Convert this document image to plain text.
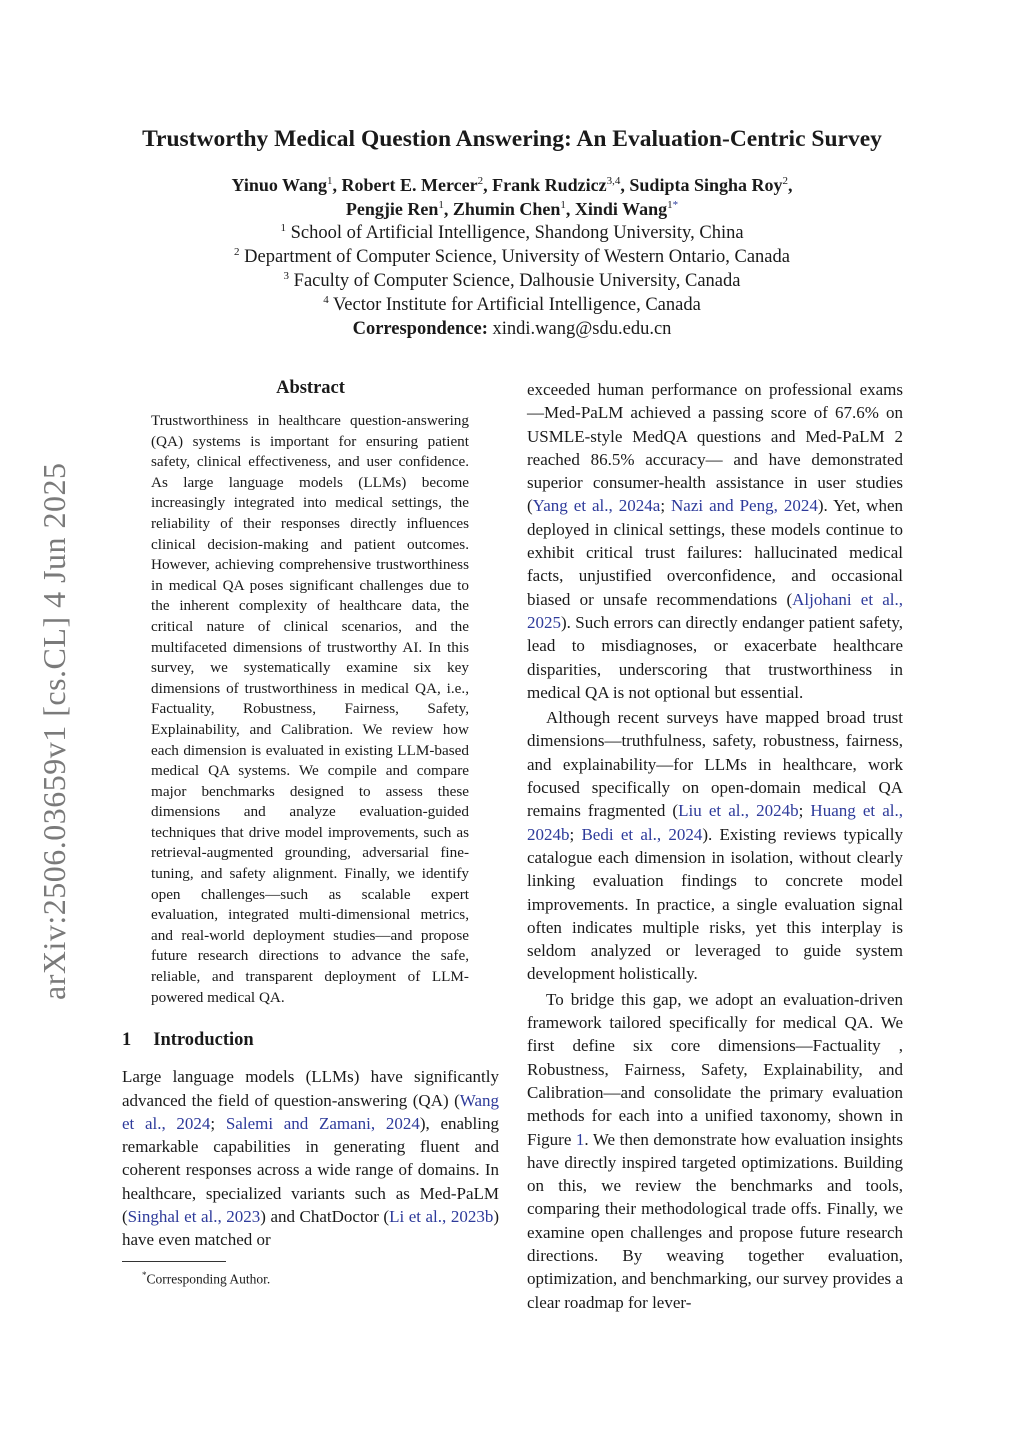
arXiv:2506.03659v1 [cs.CL] 4 Jun 2025
Trustworthy Medical Question Answering: An Evaluation-Centric Survey
Yinuo Wang$^1$, Robert E. Mercer$^2$, Frank Rudzicz$^{3,4}$, Sudipta Singha Roy$^2$,
Pengjie Ren$^1$, Zhumin Chen$^1$, Xindi Wang$^{1*}$
$^1$ School of Artificial Intelligence, Shandong University, China
$^2$ Department of Computer Science, University of Western Ontario, Canada
$^3$ Faculty of Computer Science, Dalhousie University, Canada
$^4$ Vector Institute for Artificial Intelligence, Canada
Correspondence: xindi.wang@sdu.edu.cn
Abstract

Trustworthiness in healthcare question-answering (QA) systems is important for ensuring patient safety, clinical effectiveness, and user confidence. As large language models (LLMs) become increasingly integrated into medical settings, the reliability of their responses directly influences clinical decision-making and patient outcomes. However, achieving comprehensive trustworthiness in medical QA poses significant challenges due to the inherent complexity of healthcare data, the critical nature of clinical scenarios, and the multifaceted dimensions of trustworthy AI. In this survey, we systematically examine six key dimensions of trustworthiness in medical QA, i.e., Factuality, Robustness, Fairness, Safety, Explainability, and Calibration. We review how each dimension is evaluated in existing LLM-based medical QA systems. We compile and compare major benchmarks designed to assess these dimensions and analyze evaluation-guided techniques that drive model improvements, such as retrieval-augmented grounding, adversarial fine-tuning, and safety alignment. Finally, we identify open challenges—such as scalable expert evaluation, integrated multi-dimensional metrics, and real-world deployment studies—and propose future research directions to advance the safe, reliable, and transparent deployment of LLM-powered medical QA.

1 Introduction

Large language models (LLMs) have significantly advanced the field of question-answering (QA) (Wang et al., 2024; Salemi and Zamani, 2024), enabling remarkable capabilities in generating fluent and coherent responses across a wide range of domains. In healthcare, specialized variants such as Med-PaLM (Singhal et al., 2023) and ChatDoctor (Li et al., 2023b) have even matched or

*Corresponding Author.

exceeded human performance on professional exams —Med-PaLM achieved a passing score of 67.6% on USMLE-style MedQA questions and Med-PaLM 2 reached 86.5% accuracy— and have demonstrated superior consumer-health assistance in user studies (Yang et al., 2024a; Nazi and Peng, 2024). Yet, when deployed in clinical settings, these models continue to exhibit critical trust failures: hallucinated medical facts, unjustified overconfidence, and occasional biased or unsafe recommendations (Aljohani et al., 2025). Such errors can directly endanger patient safety, lead to misdiagnoses, or exacerbate healthcare disparities, underscoring that trustworthiness in medical QA is not optional but essential.

Although recent surveys have mapped broad trust dimensions—truthfulness, safety, robustness, fairness, and explainability—for LLMs in healthcare, work focused specifically on open-domain medical QA remains fragmented (Liu et al., 2024b; Huang et al., 2024b; Bedi et al., 2024). Existing reviews typically catalogue each dimension in isolation, without clearly linking evaluation findings to concrete model improvements. In practice, a single evaluation signal often indicates multiple risks, yet this interplay is seldom analyzed or leveraged to guide system development holistically.

To bridge this gap, we adopt an evaluation-driven framework tailored specifically for medical QA. We first define six core dimensions—Factuality , Robustness, Fairness, Safety, Explainability, and Calibration—and consolidate the primary evaluation methods for each into a unified taxonomy, shown in Figure 1. We then demonstrate how evaluation insights have directly inspired targeted optimizations. Building on this, we review the benchmarks and tools, comparing their methodological trade offs. Finally, we examine open challenges and propose future research directions. By weaving together evaluation, optimization, and benchmarking, our survey provides a clear roadmap for lever-
